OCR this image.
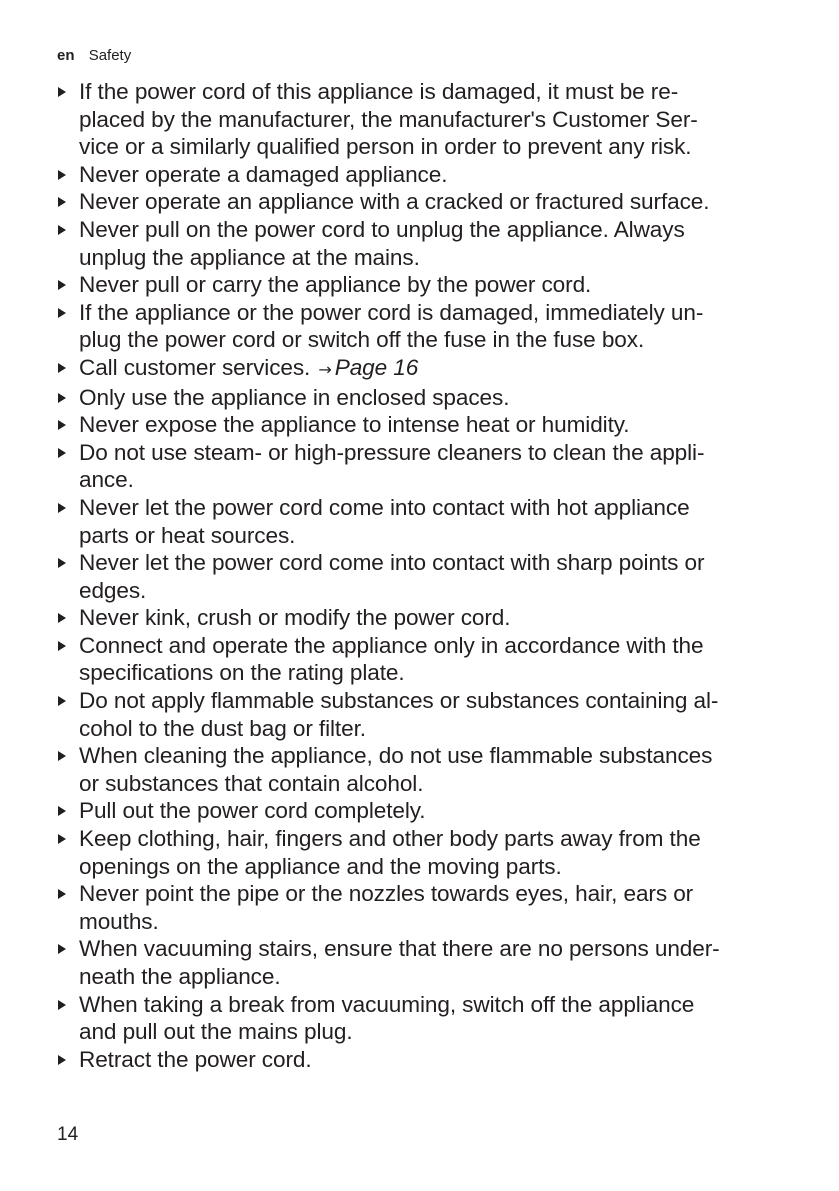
en Safety
If the power cord of this appliance is damaged, it must be re-
placed by the manufacturer, the manufacturer's Customer Ser-
vice or a similarly qualified person in order to prevent any risk.
Never operate a damaged appliance.
Never operate an appliance with a cracked or fractured surface.
Never pull on the power cord to unplug the appliance. Always
unplug the appliance at the mains.
Never pull or carry the appliance by the power cord.
If the appliance or the power cord is damaged, immediately un-
plug the power cord or switch off the fuse in the fuse box.
Call customer services. → Page 16
Only use the appliance in enclosed spaces.
Never expose the appliance to intense heat or humidity.
Do not use steam- or high-pressure cleaners to clean the appli-
ance.
Never let the power cord come into contact with hot appliance
parts or heat sources.
Never let the power cord come into contact with sharp points or
edges.
Never kink, crush or modify the power cord.
Connect and operate the appliance only in accordance with the
specifications on the rating plate.
Do not apply flammable substances or substances containing al-
cohol to the dust bag or filter.
When cleaning the appliance, do not use flammable substances
or substances that contain alcohol.
Pull out the power cord completely.
Keep clothing, hair, fingers and other body parts away from the
openings on the appliance and the moving parts.
Never point the pipe or the nozzles towards eyes, hair, ears or
mouths.
When vacuuming stairs, ensure that there are no persons under-
neath the appliance.
When taking a break from vacuuming, switch off the appliance
and pull out the mains plug.
Retract the power cord.
14
